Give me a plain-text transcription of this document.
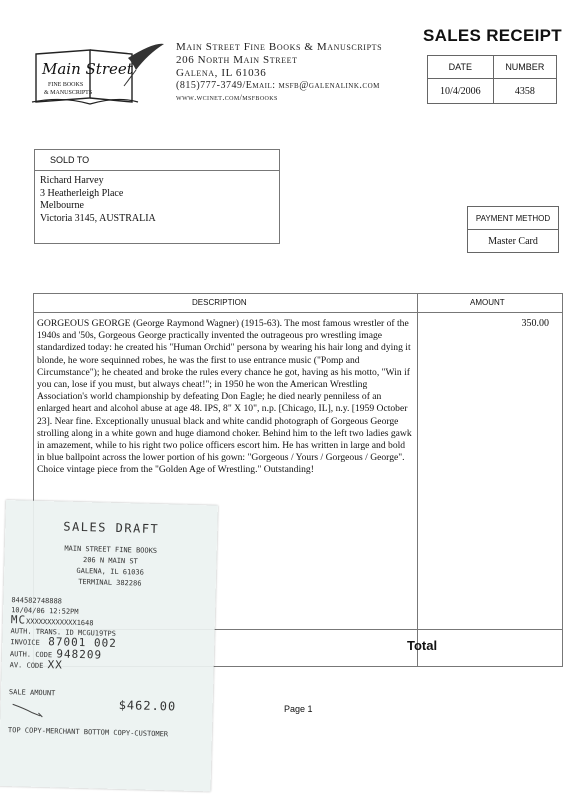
Main Street
FINE BOOKS
& MANUSCRIPTS
Main Street Fine Books & Manuscripts
206 North Main Street
Galena, IL 61036
(815)777-3749/Email: msfb@galenalink.com
www.wcinet.com/msfbooks
SALES RECEIPT
DATE	NUMBER
10/4/2006	4358
SOLD TO
Richard Harvey
3 Heatherleigh Place
Melbourne
Victoria 3145, AUSTRALIA	PAYMENT METHOD
Master Card
DESCRIPTION	AMOUNT
GORGEOUS GEORGE (George Raymond Wagner) (1915-63). The most famous wrestler of the 1940s and '50s, Gorgeous George practically invented the outrageous pro wrestling image standardized today: he created his "Human Orchid" persona by wearing his hair long and dying it blonde, he wore sequinned robes, he was the first to use entrance music ("Pomp and Circumstance"); he cheated and broke the rules every chance he got, having as his motto, "Win if you can, lose if you must, but always cheat!"; in 1950 he won the American Wrestling Association's world championship by defeating Don Eagle; he died nearly penniless of an enlarged heart and alcohol abuse at age 48. IPS, 8" X 10", n.p. [Chicago, IL], n.y. [1959 October 23]. Near fine. Exceptionally unusual black and white candid photograph of Gorgeous George strolling along in a white gown and huge diamond choker. Behind him to the left two ladies gawk in amazement, while to his right two police officers escort him. He has written in large and bold in blue ballpoint across the lower portion of his gown: "Gorgeous / Yours / Gorgeous / George". Choice vintage piece from the "Golden Age of Wrestling." Outstanding!
350.00
Total
Page 1
SALES DRAFT
MAIN STREET FINE BOOKS
206 N MAIN ST
GALENA, IL 61036
TERMINAL 382286
844582748888
10/04/06 12:52PM
MCXXXXXXXXXXXX1648
AUTH. TRANS. ID MCGU19TPS
INVOICE 87001 002
AUTH. CODE 948209
AV. CODE XX
SALE AMOUNT
$462.00
TOP COPY-MERCHANT BOTTOM COPY-CUSTOMER
